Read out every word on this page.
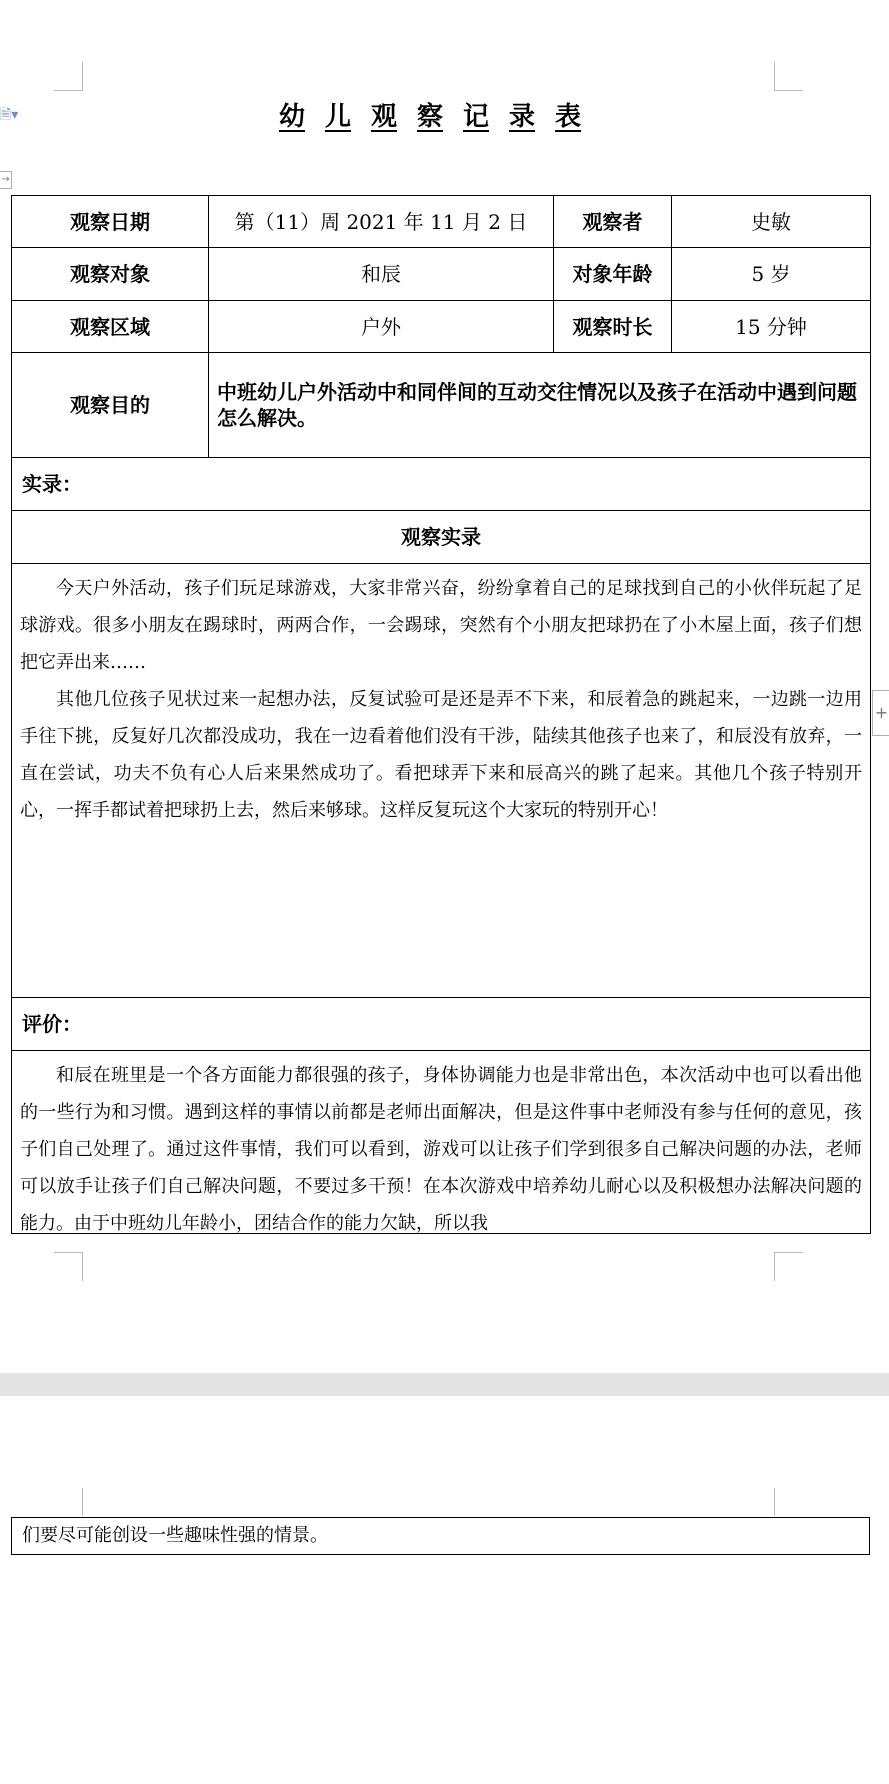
🗎▾
→
+
幼 儿 观 察 记 录 表
观察日期	第（11）周 2021 年 11 月 2 日	观察者	史敏
观察对象	和辰	对象年龄	5 岁
观察区域	户外	观察时长	15 分钟
观察目的	中班幼儿户外活动中和同伴间的互动交往情况以及孩子在活动中遇到问题怎么解决。		
实录：			
观察实录			

今天户外活动，孩子们玩足球游戏，大家非常兴奋，纷纷拿着自己的足球找到自己的小伙伴玩起了足球游戏。很多小朋友在踢球时，两两合作，一会踢球，突然有个小朋友把球扔在了小木屋上面，孩子们想把它弄出来……

其他几位孩子见状过来一起想办法，反复试验可是还是弄不下来，和辰着急的跳起来，一边跳一边用手往下挑，反复好几次都没成功，我在一边看着他们没有干涉，陆续其他孩子也来了，和辰没有放弃，一直在尝试，功夫不负有心人后来果然成功了。看把球弄下来和辰高兴的跳了起来。其他几个孩子特别开心，一挥手都试着把球扔上去，然后来够球。这样反复玩这个大家玩的特别开心！			

评价：			

和辰在班里是一个各方面能力都很强的孩子，身体协调能力也是非常出色，本次活动中也可以看出他的一些行为和习惯。遇到这样的事情以前都是老师出面解决，但是这件事中老师没有参与任何的意见，孩子们自己处理了。通过这件事情，我们可以看到，游戏可以让孩子们学到很多自己解决问题的办法，老师可以放手让孩子们自己解决问题，不要过多干预！在本次游戏中培养幼儿耐心以及积极想办法解决问题的能力。由于中班幼儿年龄小，团结合作的能力欠缺，所以我			

们要尽可能创设一些趣味性强的情景。
